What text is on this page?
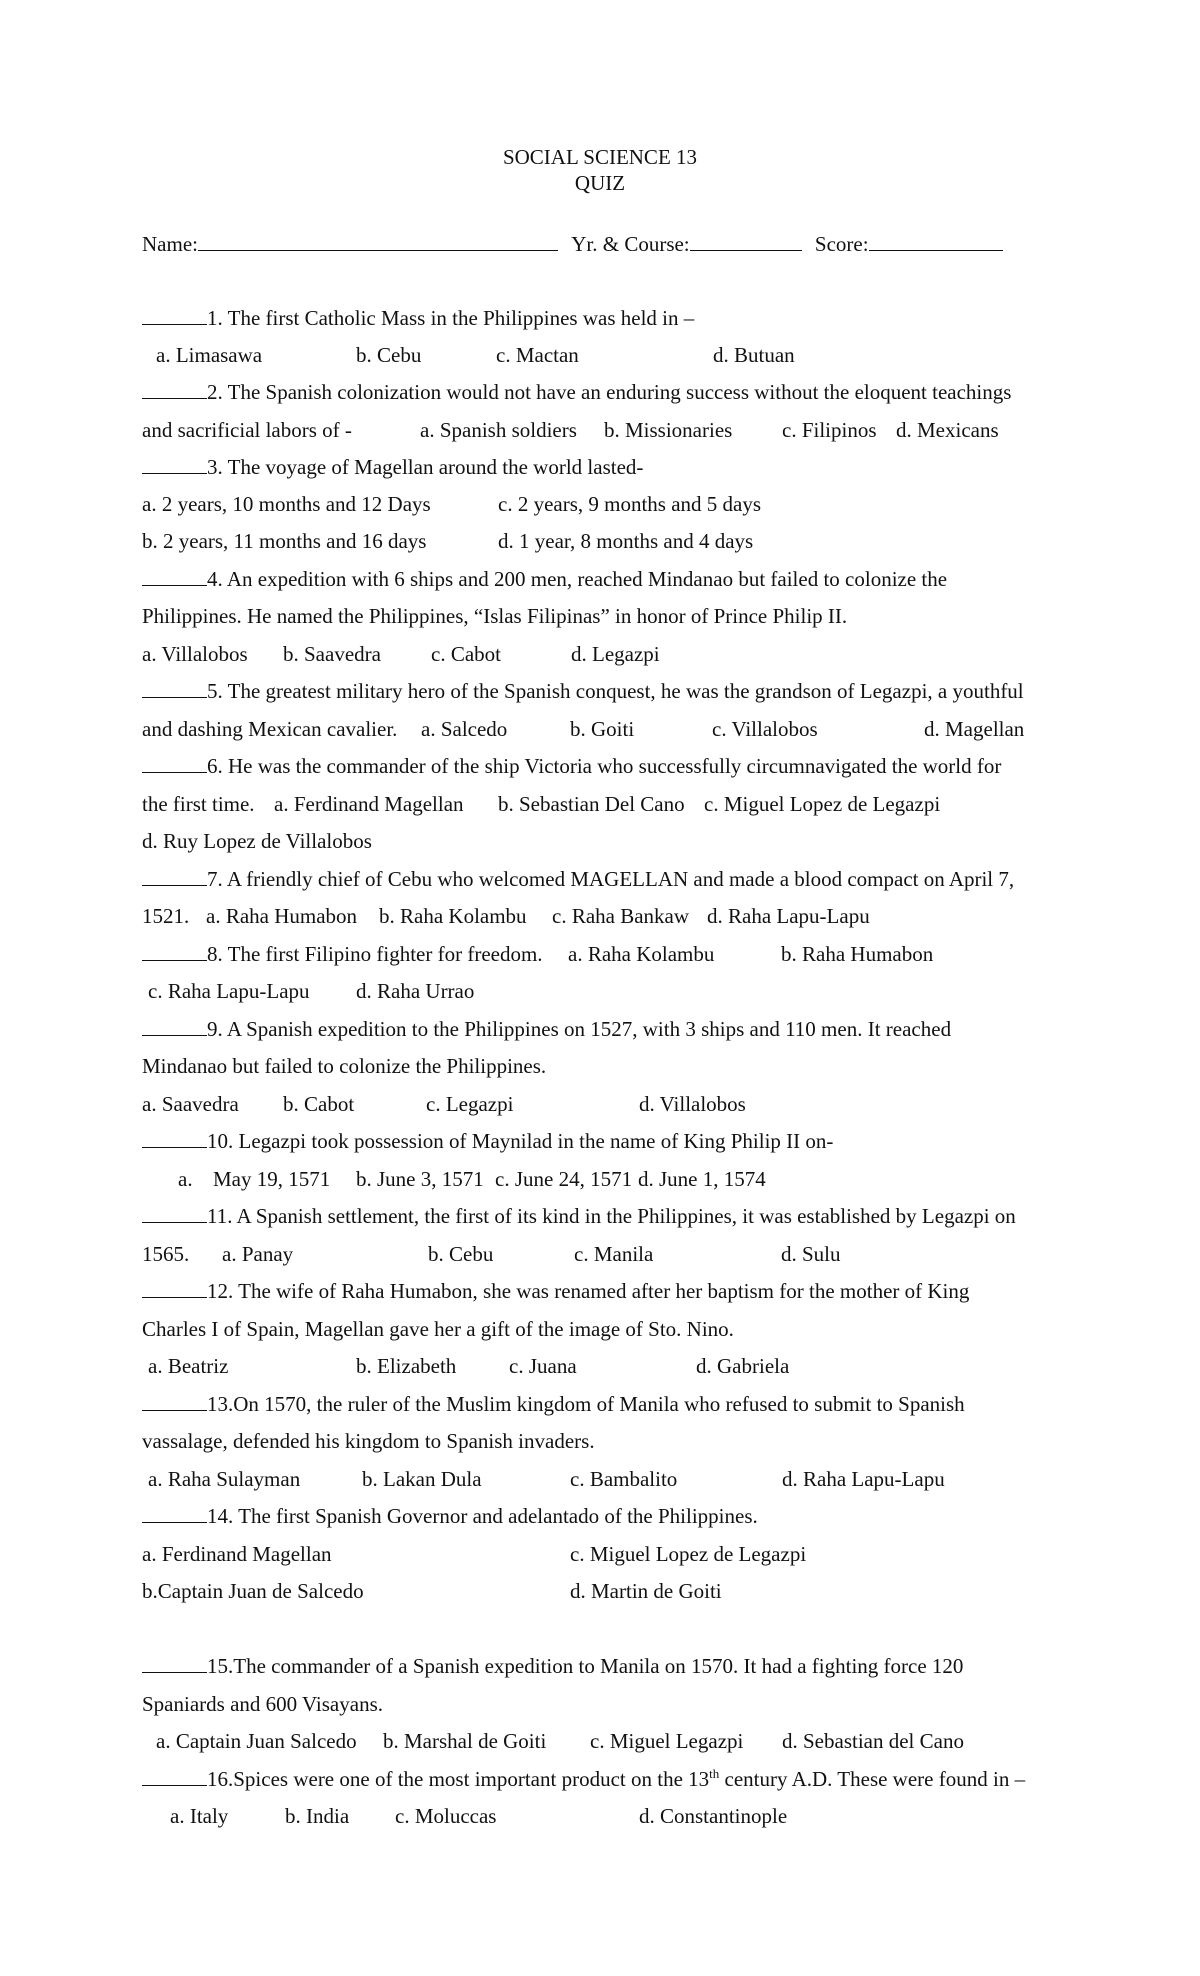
SOCIAL SCIENCE 13
QUIZ
Name:	Yr. & Course:	Score:
1. The first Catholic Mass in the Philippines was held in –
a. Limasawa	b. Cebu	c. Mactan	d. Butuan
2. The Spanish colonization would not have an enduring success without the eloquent teachings
and sacrificial labors of -	a. Spanish soldiers b. Missionaries c. Filipinos d. Mexicans
3. The voyage of Magellan around the world lasted-
a. 2 years, 10 months and 12 Days	c. 2 years, 9 months and 5 days
b. 2 years, 11 months and 16 days	d. 1 year, 8 months and 4 days
4. An expedition with 6 ships and 200 men, reached Mindanao but failed to colonize the
Philippines. He named the Philippines, “Islas Filipinas” in honor of Prince Philip II.
a. Villalobos b. Saavedra c. Cabot	d. Legazpi
5. The greatest military hero of the Spanish conquest, he was the grandson of Legazpi, a youthful
and dashing Mexican cavalier. a. Salcedo	b. Goiti	c. Villalobos	d. Magellan
6. He was the commander of the ship Victoria who successfully circumnavigated the world for
the first time. a. Ferdinand Magellan b. Sebastian Del Cano c. Miguel Lopez de Legazpi
d. Ruy Lopez de Villalobos
7. A friendly chief of Cebu who welcomed MAGELLAN and made a blood compact on April 7,
1521. a. Raha Humabon b. Raha Kolambu c. Raha Bankaw d. Raha Lapu-Lapu
8. The first Filipino fighter for freedom. a. Raha Kolambu	b. Raha Humabon
c. Raha Lapu-Lapu d. Raha Urrao
9. A Spanish expedition to the Philippines on 1527, with 3 ships and 110 men. It reached
Mindanao but failed to colonize the Philippines.
a. Saavedra b. Cabot	c. Legazpi	d. Villalobos
10. Legazpi took possession of Maynilad in the name of King Philip II on-
a. May 19, 1571 b. June 3, 1571 c. June 24, 1571 d. June 1, 1574
11. A Spanish settlement, the first of its kind in the Philippines, it was established by Legazpi on
1565. a. Panay	b. Cebu	c. Manila	d. Sulu
12. The wife of Raha Humabon, she was renamed after her baptism for the mother of King
Charles I of Spain, Magellan gave her a gift of the image of Sto. Nino.
a. Beatriz	b. Elizabeth	c. Juana	d. Gabriela
13.On 1570, the ruler of the Muslim kingdom of Manila who refused to submit to Spanish
vassalage, defended his kingdom to Spanish invaders.
a. Raha Sulayman	b. Lakan Dula	c. Bambalito	d. Raha Lapu-Lapu
14. The first Spanish Governor and adelantado of the Philippines.
a. Ferdinand Magellan	c. Miguel Lopez de Legazpi
b.Captain Juan de Salcedo	d. Martin de Goiti
15.The commander of a Spanish expedition to Manila on 1570. It had a fighting force 120
Spaniards and 600 Visayans.
a. Captain Juan Salcedo b. Marshal de Goiti c. Miguel Legazpi d. Sebastian del Cano
16.Spices were one of the most important product on the 13th century A.D. These were found in –
a. Italy	b. India c. Moluccas	d. Constantinople
